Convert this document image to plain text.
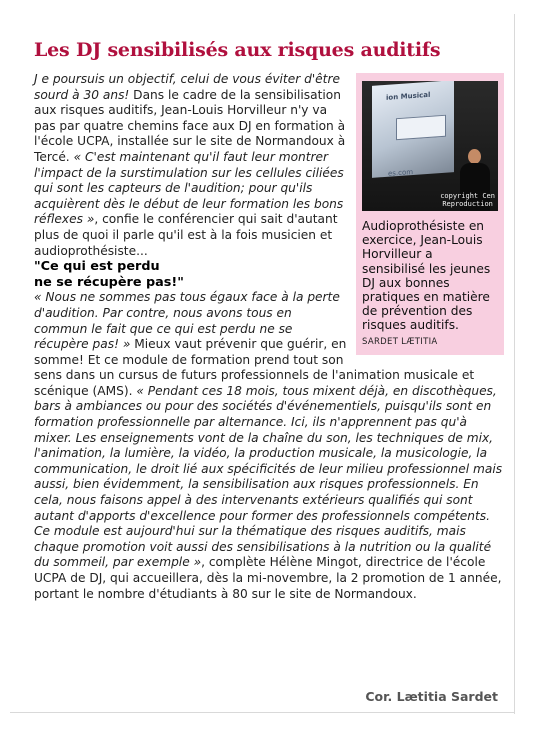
Les DJ sensibilisés aux risques auditifs
ion Musical
es.com
copyright Cen
Reproduction

Audioprothésiste en exercice, Jean-Louis Horvilleur a sensibilisé les jeunes DJ aux bonnes pratiques en matière de prévention des risques auditifs.

SARDET LÆTITIA

J e poursuis un objectif, celui de vous éviter d'être sourd à 30 ans! Dans le cadre de la sensibilisation aux risques auditifs, Jean-Louis Horvilleur n'y va pas par quatre chemins face aux DJ en formation à l'école UCPA, installée sur le site de Normandoux à Tercé. « C'est maintenant qu'il faut leur montrer l'impact de la surstimulation sur les cellules ciliées qui sont les capteurs de l'audition; pour qu'ils acquièrent dès le début de leur formation les bons réflexes », confie le conférencier qui sait d'autant plus de quoi il parle qu'il est à la fois musicien et audioprothésiste...

"Ce qui est perdu
ne se récupère pas!"

« Nous ne sommes pas tous égaux face à la perte d'audition. Par contre, nous avons tous en commun le fait que ce qui est perdu ne se récupère pas! » Mieux vaut prévenir que guérir, en somme! Et ce module de formation prend tout son sens dans un cursus de futurs professionnels de l'animation musicale et scénique (AMS). « Pendant ces 18 mois, tous mixent déjà, en discothèques, bars à ambiances ou pour des sociétés d'événementiels, puisqu'ils sont en formation professionnelle par alternance. Ici, ils n'apprennent pas qu'à mixer. Les enseignements vont de la chaîne du son, les techniques de mix, l'animation, la lumière, la vidéo, la production musicale, la musicologie, la communication, le droit lié aux spécificités de leur milieu professionnel mais aussi, bien évidemment, la sensibilisation aux risques professionnels. En cela, nous faisons appel à des intervenants extérieurs qualifiés qui sont autant d'apports d'excellence pour former des professionnels compétents. Ce module est aujourd'hui sur la thématique des risques auditifs, mais chaque promotion voit aussi des sensibilisations à la nutrition ou la qualité du sommeil, par exemple », complète Hélène Mingot, directrice de l'école UCPA de DJ, qui accueillera, dès la mi-novembre, la 2 promotion de 1 année, portant le nombre d'étudiants à 80 sur le site de Normandoux.

Cor. Lætitia Sardet
